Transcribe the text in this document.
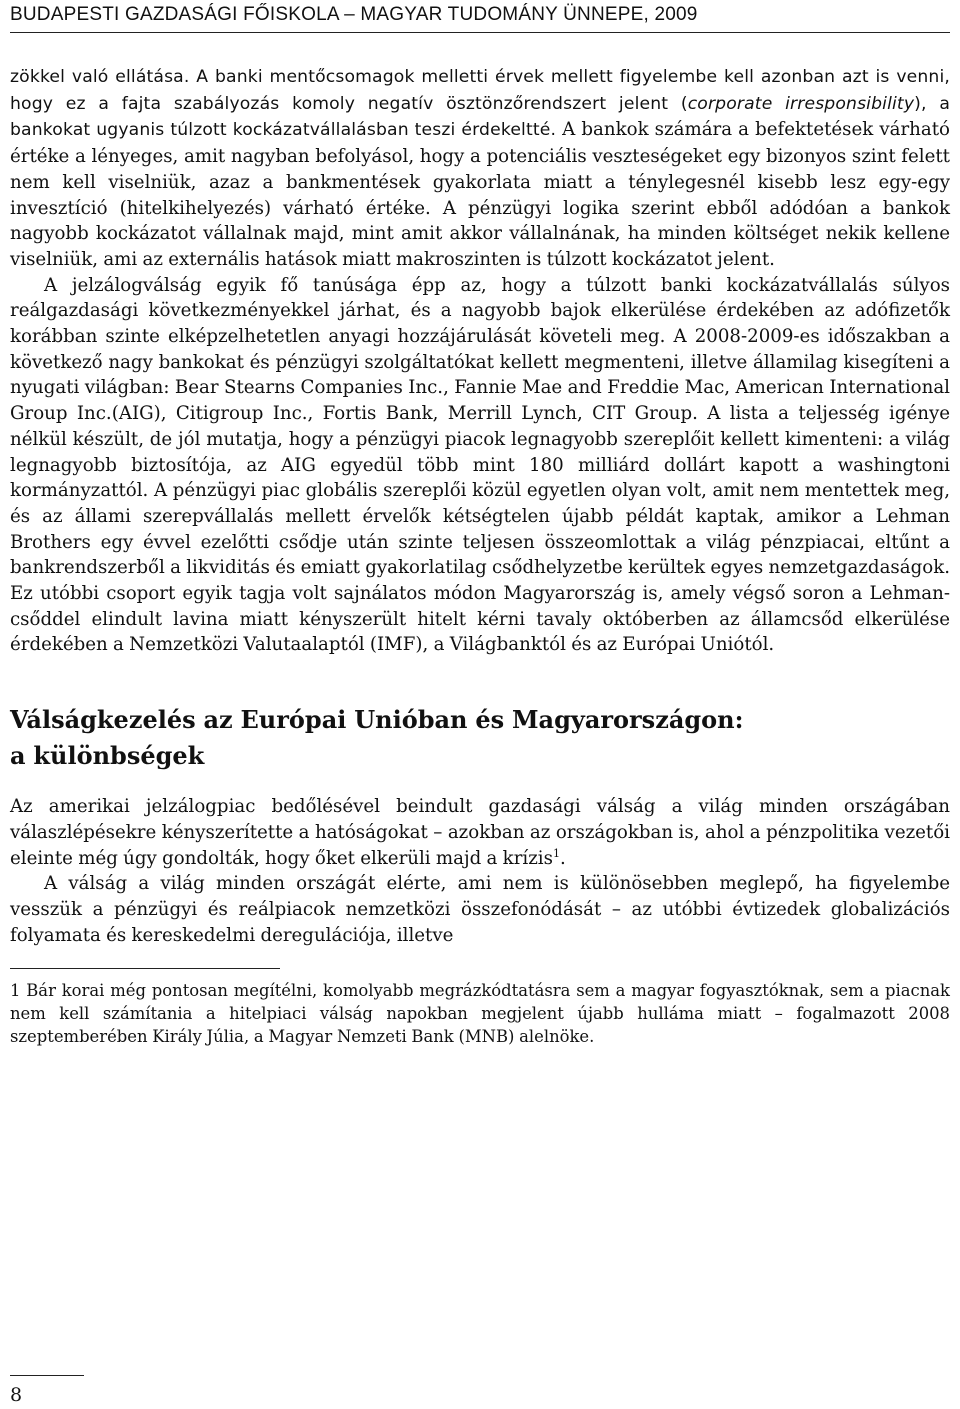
BUDAPESTI GAZDASÁGI FŐISKOLA – MAGYAR TUDOMÁNY ÜNNEPE, 2009

zökkel való ellátása. A banki mentőcsomagok melletti érvek mellett figyelembe kell azonban azt is venni, hogy ez a fajta szabályozás komoly negatív ösztönzőrendszert jelent (corporate irresponsibility), a bankokat ugyanis túlzott kockázatvállalásban teszi érdekeltté. A bankok számára a befektetések várható értéke a lényeges, amit nagyban befolyásol, hogy a potenciális veszteségeket egy bizonyos szint felett nem kell viselniük, azaz a bankmentések gyakorlata miatt a ténylegesnél kisebb lesz egy-egy invesztíció (hitelkihelyezés) várható értéke. A pénzügyi logika szerint ebből adódóan a bankok nagyobb kockázatot vállalnak majd, mint amit akkor vállalnának, ha minden költséget nekik kellene viselniük, ami az externális hatások miatt makroszinten is túlzott kockázatot jelent.

A jelzálogválság egyik fő tanúsága épp az, hogy a túlzott banki kockázatvállalás súlyos reálgazdasági következményekkel járhat, és a nagyobb bajok elkerülése érdekében az adófizetők korábban szinte elképzelhetetlen anyagi hozzájárulását követeli meg. A 2008-2009-es időszakban a következő nagy bankokat és pénzügyi szolgáltatókat kellett megmenteni, illetve államilag kisegíteni a nyugati világban: Bear Stearns Companies Inc., Fannie Mae and Freddie Mac, American International Group Inc.(AIG), Citigroup Inc., Fortis Bank, Merrill Lynch, CIT Group. A lista a teljesség igénye nélkül készült, de jól mutatja, hogy a pénzügyi piacok legnagyobb szereplőit kellett kimenteni: a világ legnagyobb biztosítója, az AIG egyedül több mint 180 milliárd dollárt kapott a washingtoni kormányzattól. A pénzügyi piac globális szereplői közül egyetlen olyan volt, amit nem mentettek meg, és az állami szerepvállalás mellett érvelők kétségtelen újabb példát kaptak, amikor a Lehman Brothers egy évvel ezelőtti csődje után szinte teljesen összeomlottak a világ pénzpiacai, eltűnt a bankrendszerből a likviditás és emiatt gyakorlatilag csődhelyzetbe kerültek egyes nemzetgazdaságok. Ez utóbbi csoport egyik tagja volt sajnálatos módon Magyarország is, amely végső soron a Lehman-csőddel elindult lavina miatt kényszerült hitelt kérni tavaly októberben az államcsőd elkerülése érdekében a Nemzetközi Valutaalaptól (IMF), a Világbanktól és az Európai Uniótól.

Válságkezelés az Európai Unióban és Magyarországon:
a különbségek

Az amerikai jelzálogpiac bedőlésével beindult gazdasági válság a világ minden országában válaszlépésekre kényszerítette a hatóságokat – azokban az országokban is, ahol a pénzpolitika vezetői eleinte még úgy gondolták, hogy őket elkerüli majd a krízis$^1$.

A válság a világ minden országát elérte, ami nem is különösebben meglepő, ha figyelembe vesszük a pénzügyi és reálpiacok nemzetközi összefonódását – az utóbbi évtizedek globalizációs folyamata és kereskedelmi deregulációja, illetve

1 Bár korai még pontosan megítélni, komolyabb megrázkódtatásra sem a magyar fogyasztóknak, sem a piacnak nem kell számítania a hitelpiaci válság napokban megjelent újabb hulláma miatt – fogalmazott 2008 szeptemberében Király Júlia, a Magyar Nemzeti Bank (MNB) alelnöke.

8
